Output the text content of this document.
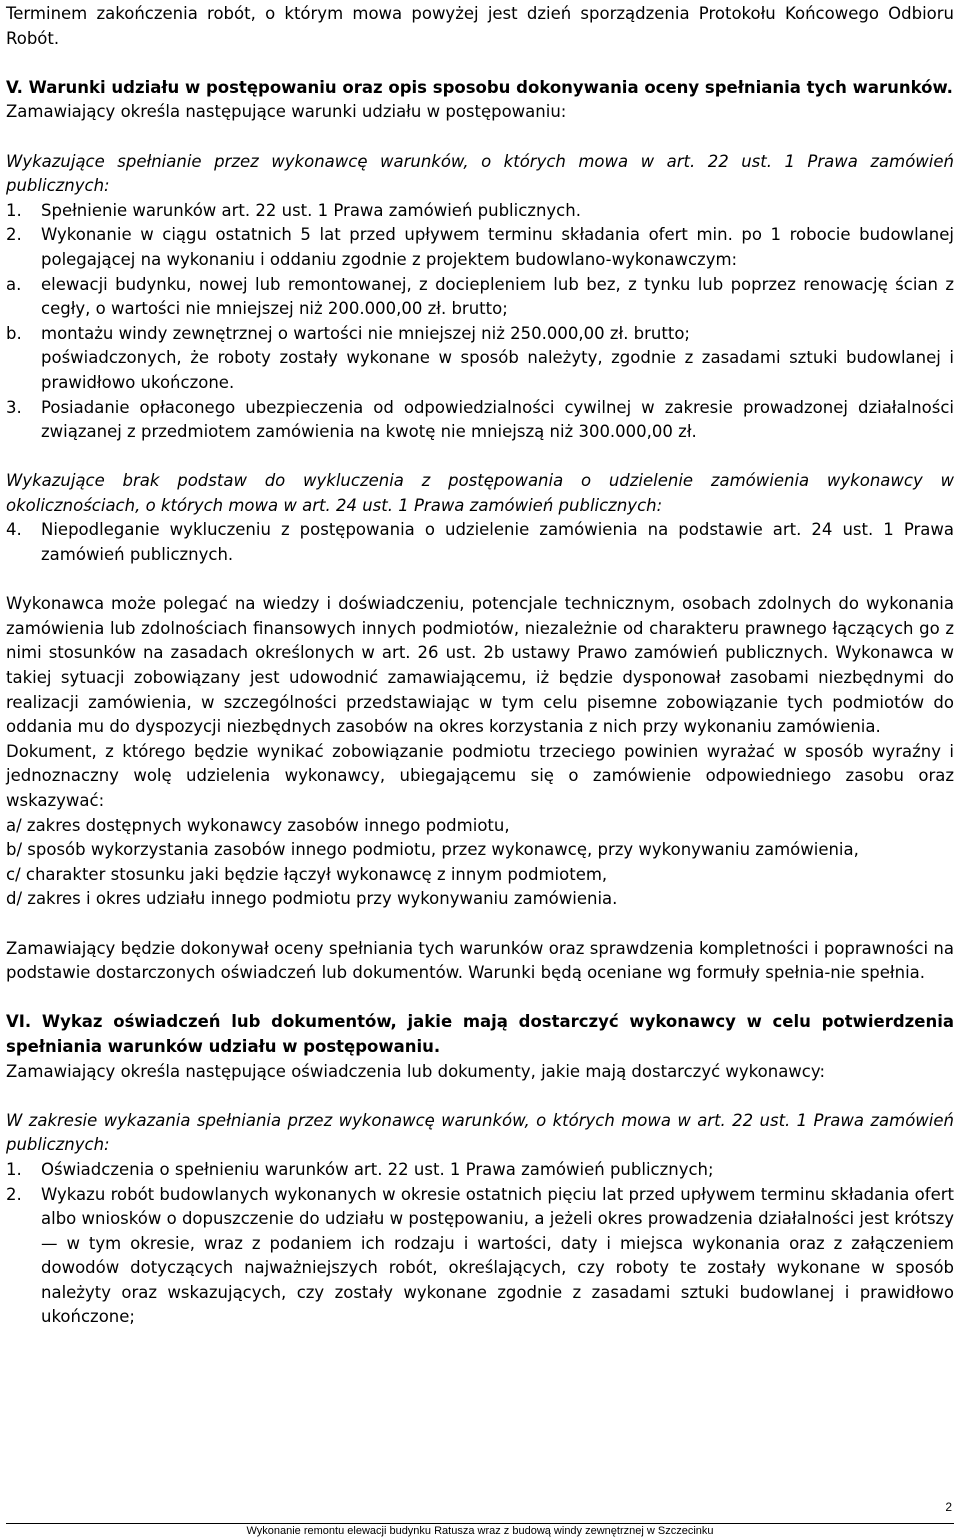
Terminem zakończenia robót, o którym mowa powyżej jest dzień sporządzenia Protokołu Końcowego Odbioru Robót.

V. Warunki udziału w postępowaniu oraz opis sposobu dokonywania oceny spełniania tych warunków.

Zamawiający określa następujące warunki udziału w postępowaniu:

Wykazujące spełnianie przez wykonawcę warunków, o których mowa w art. 22 ust. 1 Prawa zamówień publicznych:

1.	Spełnienie warunków art. 22 ust. 1 Prawa zamówień publicznych.
2.	Wykonanie w ciągu ostatnich 5 lat przed upływem terminu składania ofert min. po 1 robocie budowlanej polegającej na wykonaniu i oddaniu zgodnie z projektem budowlano-wykonawczym:
a.	elewacji budynku, nowej lub remontowanej, z dociepleniem lub bez, z tynku lub poprzez renowację ścian z cegły, o wartości nie mniejszej niż 200.000,00 zł. brutto;
b.	montażu windy zewnętrznej o wartości nie mniejszej niż 250.000,00 zł. brutto;

poświadczonych, że roboty zostały wykonane w sposób należyty, zgodnie z zasadami sztuki budowlanej i prawidłowo ukończone.

3.	Posiadanie opłaconego ubezpieczenia od odpowiedzialności cywilnej w zakresie prowadzonej działalności związanej z przedmiotem zamówienia na kwotę nie mniejszą niż 300.000,00 zł.

Wykazujące brak podstaw do wykluczenia z postępowania o udzielenie zamówienia wykonawcy w okolicznościach, o których mowa w art. 24 ust. 1 Prawa zamówień publicznych:

4.	Niepodleganie wykluczeniu z postępowania o udzielenie zamówienia na podstawie art. 24 ust. 1 Prawa zamówień publicznych.

Wykonawca może polegać na wiedzy i doświadczeniu, potencjale technicznym, osobach zdolnych do wykonania zamówienia lub zdolnościach finansowych innych podmiotów, niezależnie od charakteru prawnego łączących go z nimi stosunków na zasadach określonych w art. 26 ust. 2b ustawy Prawo zamówień publicznych. Wykonawca w takiej sytuacji zobowiązany jest udowodnić zamawiającemu, iż będzie dysponował zasobami niezbędnymi do realizacji zamówienia, w szczególności przedstawiając w tym celu pisemne zobowiązanie tych podmiotów do oddania mu do dyspozycji niezbędnych zasobów na okres korzystania z nich przy wykonaniu zamówienia.

Dokument, z którego będzie wynikać zobowiązanie podmiotu trzeciego powinien wyrażać w sposób wyraźny i jednoznaczny wolę udzielenia wykonawcy, ubiegającemu się o zamówienie odpowiedniego zasobu oraz wskazywać:

a/ zakres dostępnych wykonawcy zasobów innego podmiotu,

b/ sposób wykorzystania zasobów innego podmiotu, przez wykonawcę, przy wykonywaniu zamówienia,

c/ charakter stosunku jaki będzie łączył wykonawcę z innym podmiotem,

d/ zakres i okres udziału innego podmiotu przy wykonywaniu zamówienia.

Zamawiający będzie dokonywał oceny spełniania tych warunków oraz sprawdzenia kompletności i poprawności na podstawie dostarczonych oświadczeń lub dokumentów. Warunki będą oceniane wg formuły spełnia-nie spełnia.

VI. Wykaz oświadczeń lub dokumentów, jakie mają dostarczyć wykonawcy w celu potwierdzenia spełniania warunków udziału w postępowaniu.

Zamawiający określa następujące oświadczenia lub dokumenty, jakie mają dostarczyć wykonawcy:

W zakresie wykazania spełniania przez wykonawcę warunków, o których mowa w art. 22 ust. 1 Prawa zamówień publicznych:

1.	Oświadczenia o spełnieniu warunków art. 22 ust. 1 Prawa zamówień publicznych;
2.	Wykazu robót budowlanych wykonanych w okresie ostatnich pięciu lat przed upływem terminu składania ofert albo wniosków o dopuszczenie do udziału w postępowaniu, a jeżeli okres prowadzenia działalności jest krótszy — w tym okresie, wraz z podaniem ich rodzaju i wartości, daty i miejsca wykonania oraz z załączeniem dowodów dotyczących najważniejszych robót, określających, czy roboty te zostały wykonane w sposób należyty oraz wskazujących, czy zostały wykonane zgodnie z zasadami sztuki budowlanej i prawidłowo ukończone;
2
Wykonanie remontu elewacji budynku Ratusza wraz z budową windy zewnętrznej w Szczecinku
